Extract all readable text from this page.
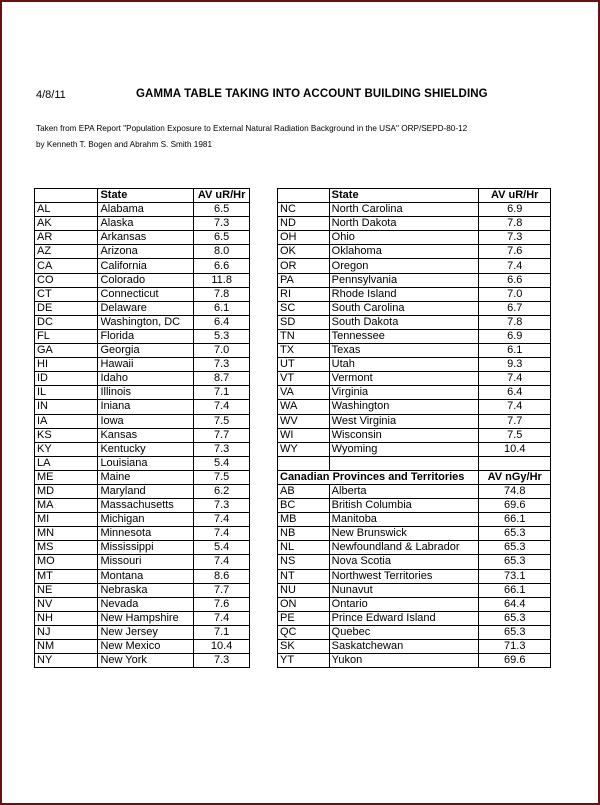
4/8/11	GAMMA TABLE TAKING INTO ACCOUNT BUILDING SHIELDING
Taken from EPA Report "Population Exposure to External Natural Radiation Background in the USA" ORP/SEPD-80-12
by Kenneth T. Bogen and Abrahm S. Smith 1981
	State	AV uR/Hr
AL	Alabama	6.5
AK	Alaska	7.3
AR	Arkansas	6.5
AZ	Arizona	8.0
CA	California	6.6
CO	Colorado	11.8
CT	Connecticut	7.8
DE	Delaware	6.1
DC	Washington, DC	6.4
FL	Florida	5.3
GA	Georgia	7.0
HI	Hawaii	7.3
ID	Idaho	8.7
IL	Illinois	7.1
IN	Iniana	7.4
IA	Iowa	7.5
KS	Kansas	7.7
KY	Kentucky	7.3
LA	Louisiana	5.4
ME	Maine	7.5
MD	Maryland	6.2
MA	Massachusetts	7.3
MI	Michigan	7.4
MN	Minnesota	7.4
MS	Mississippi	5.4
MO	Missouri	7.4
MT	Montana	8.6
NE	Nebraska	7.7
NV	Nevada	7.6
NH	New Hampshire	7.4
NJ	New Jersey	7.1
NM	New Mexico	10.4
NY	New York	7.3
	State	AV uR/Hr
NC	North Carolina	6.9
ND	North Dakota	7.8
OH	Ohio	7.3
OK	Oklahoma	7.6
OR	Oregon	7.4
PA	Pennsylvania	6.6
RI	Rhode Island	7.0
SC	South Carolina	6.7
SD	South Dakota	7.8
TN	Tennessee	6.9
TX	Texas	6.1
UT	Utah	9.3
VT	Vermont	7.4
VA	Virginia	6.4
WA	Washington	7.4
WV	West Virginia	7.7
WI	Wisconsin	7.5
WY	Wyoming	10.4

Canadian Provinces and Territories		AV nGy/Hr
AB	Alberta	74.8
BC	British Columbia	69.6
MB	Manitoba	66.1
NB	New Brunswick	65.3
NL	Newfoundland & Labrador	65.3
NS	Nova Scotia	65.3
NT	Northwest Territories	73.1
NU	Nunavut	66.1
ON	Ontario	64.4
PE	Prince Edward Island	65.3
QC	Quebec	65.3
SK	Saskatchewan	71.3
YT	Yukon	69.6
